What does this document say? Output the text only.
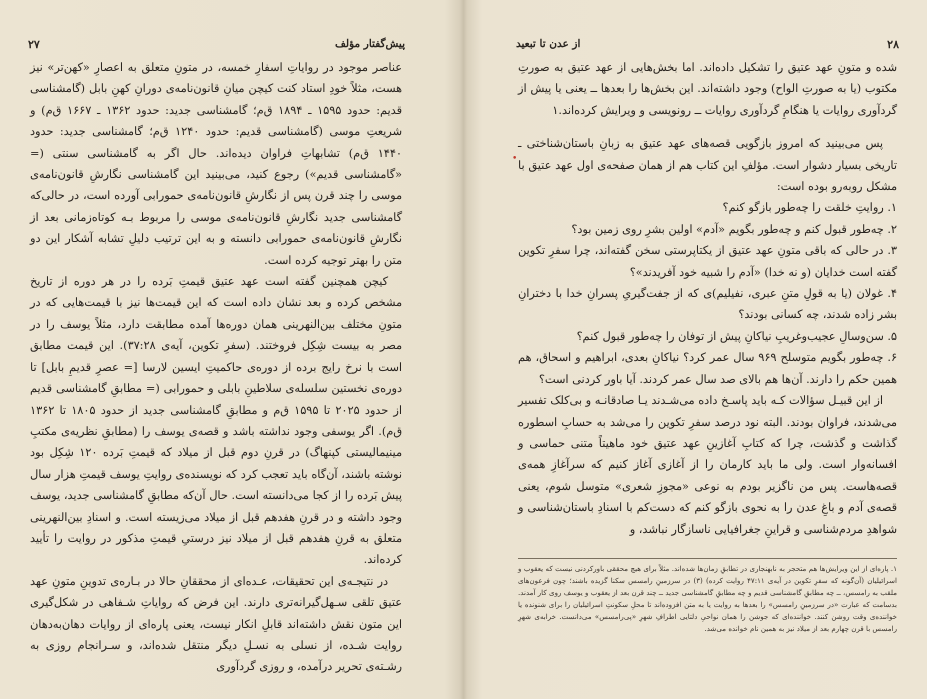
پیش‌گفتار مؤلف
۲۷

عناصر موجود در روایاتِ اسفارِ خمسه، در متونِ متعلق به اعصارِ «کهن‌تر» نیز هست، مثلاً خودِ استاد کنت کیچن میانِ قانون‌نامه‌ی دورانِ کهنِ بابل (گامشناسی قدیم: حدود ۱۵۹۵ ـ ۱۸۹۴ ق‌م؛ گامشناسی جدید: حدود ۱۳۶۲ ـ ۱۶۶۷ ق‌م) و شریعتِ موسی (گامشناسی قدیم: حدود ۱۲۴۰ ق‌م؛ گامشناسی جدید: حدود ۱۴۴۰ ق‌م) تشابهاتِ فراوان دیده‌اند. حال اگر به گامشناسی سنتی (= «گامشناسی قدیم») رجوع کنید، می‌بینید این گامشناسی نگارشِ قانون‌نامه‌ی موسی را چند قرن پس از نگارشِ قانون‌نامه‌ی حمورابی آورده است، در حالی‌که گامشناسی جدید نگارشِ قانون‌نامه‌ی موسی را مربوط بـه کوتاه‌زمانی بعد از نگارشِ قانون‌نامه‌ی حمورابی دانسته و به این ترتیب دلیلِ تشابه آشکار این دو متن را بهتر توجیه کرده است.

کیچن همچنین گفته است عهد عتیق قیمتِ بَرده را در هر دوره از تاریخ مشخص کرده و بعد نشان داده است که این قیمت‌ها نیز با قیمت‌هایی که در متونِ مختلف بین‌النهرینی همان دوره‌ها آمده مطابقت دارد، مثلاً یوسف را در مصر به بیست شِکِل فروختند. (سفرِ تکوین، آیه‌ی ۳۷:۲۸). این قیمت مطابق است با نرخ رایج برده از دوره‌ی حاکمیتِ ایسین لارسا [= عصرِ قدیمِ بابل] تا دوره‌ی نخستین سلسله‌ی سلاطینِ بابلی و حمورابی (= مطابقِ گامشناسی قدیم از حدود ۲۰۲۵ تا ۱۵۹۵ ق‌م و مطابقِ گامشناسی جدید از حدود ۱۸۰۵ تا ۱۳۶۲ ق‌م). اگر یوسفی وجود نداشته باشد و قصه‌ی یوسف را (مطابقِ نظریه‌ی مکتبِ مینیمالیستی کپنهاگ) در قرنِ دوم قبل از میلاد که قیمتِ بَرده ۱۲۰ شِکِل بود نوشته باشند، آن‌گاه باید تعجب کرد که نویسنده‌ی روایتِ یوسف قیمتِ هزار سال پیش بَرده را از کجا می‌دانسته است. حال آن‌که مطابقِ گامشناسی جدید، یوسف وجود داشته و در قرنِ هفدهم قبل از میلاد می‌زیسته است. و اسنادِ بین‌النهرینی متعلق به قرنِ هفدهم قبل از میلاد نیز درستیِ قیمتِ مذکور در روایت را تأیید کرده‌اند.

در نتیجـه‌ی این تحقیقات، عـده‌ای از محققانِ حالا در بـاره‌ی تدوینِ متونِ عهد عتیق تلقی سـهل‌گیرانه‌تری دارند. این فرض که روایاتِ شـفاهی در شکل‌گیری این متون نقش داشته‌اند قابلِ انکار نیست، یعنی پاره‌ای از روایات دهان‌به‌دهان روایت شـده، از نسلی به نسـلِ دیگر منتقل شده‌اند، و سـرانجام روزی به رشـته‌ی تحریر درآمده، و روزی گردآوری

۲۸
از عدن تا تبعید

شده و متونِ عهد عتیق را تشکیل داده‌اند. اما بخش‌هایی از عهد عتیق به صورتِ مکتوب (یا به صورتِ الواح) وجود داشته‌اند. این بخش‌ها را بعدها ــ یعنی یا پیش از گردآوری روایات یا هنگامِ گردآوری روایات ــ رونویسی و ویرایش کرده‌اند.۱

پس می‌بینید که امروز بازگویی قصه‌های عهد عتیق به زبانِ باستان‌شناختی ـ تاریخی بسیار دشوار است. مؤلفِ این کتاب هم از همان صفحه‌ی اول عهد عتیق با مشکل روبه‌رو بوده است:

۱. روایتِ خلقت را چه‌طور بازگو کنم؟

۲. چه‌طور قبول کنم و چه‌طور بگویم «آدم» اولین بشرِ روی زمین بود؟

۳. در حالی که باقی متونِ عهد عتیق از یکتاپرستی سخن گفته‌اند، چرا سفرِ تکوین گفته است خدایان (و نه خدا) «آدم را شبیه خود آفریدند»؟

۴. غولان (یا به قولِ متنِ عبری، نفیلیم)ی که از جفت‌گیریِ پسرانِ خدا با دخترانِ بشر زاده شدند، چه کسانی بودند؟

۵. سن‌وسالِ عجیب‌وغریبِ نیاکانِ پیش از توفان را چه‌طور قبول کنم؟

۶. چه‌طور بگویم متوسلح ۹۶۹ سال عمر کرد؟ نیاکانِ بعدی، ابراهیم و اسحاق، هم همین حکم را دارند. آن‌ها هم بالای صد سال عمر کردند. آیا باور کردنی است؟

از این قبیـل سؤالات کـه باید پاسـخ داده می‌شـدند یـا صادقانـه و بی‌کلک تفسیر می‌شدند، فراوان بودند. البته نود درصد سفرِ تکوین را می‌شد به حسابِ اسطوره گذاشت و گذشت، چرا که کتابِ آغازینِ عهد عتیق خود ماهیتاً متنی حماسی و افسانه‌وار است. ولی ما باید کارمان را از آغازی آغاز کنیم که سرآغازِ همه‌ی قصه‌هاست. پس من ناگزیر بودم به نوعی «مجوزِ شعری» متوسل شوم، یعنی قصه‌ی آدم و باغِ عدن را به نحوی بازگو کنم که دست‌کم با اسنادِ باستان‌شناسی و شواهدِ مردم‌شناسی و قراینِ جغرافیایی ناسازگار نباشد، و

۱. پاره‌ای از این ویرایش‌ها هم متحجر به نابهنجاری در تطابقِ زمان‌ها شده‌اند. مثلاً برای هیچ محققی باورکردنی نیست که یعقوب و اسرائیلیان (آن‌گونه که سفرِ تکوین در آیه‌ی ۴۷:۱۱ روایت کرده) (۳) در سرزمینِ رامسس سکنا گزیده باشند؛ چون فرعون‌های ملقب به رامسس، ــ چه مطابقِ گامشناسی قدیم و چه مطابقِ گامشناسی جدید ــ چند قرن بعد از یعقوب و یوسف روی کار آمدند. بدسامت که عبارت «در سرزمینِ رامسس» را بعدها به روایت یا به متن افزوده‌اند تا محلِ سکونتِ اسرائیلیان را برای شنونده یا خواننده‌ی وقت روشن کنند. خواننده‌ای که جوشن را همان نواحیِ دلتایی اطرافِ شهرِ «پی‌رامسس» می‌دانست. خرابه‌ی شهرِ رامسس با قرن چهارم بعد از میلاد نیز به همین نام خوانده می‌شد.

•
